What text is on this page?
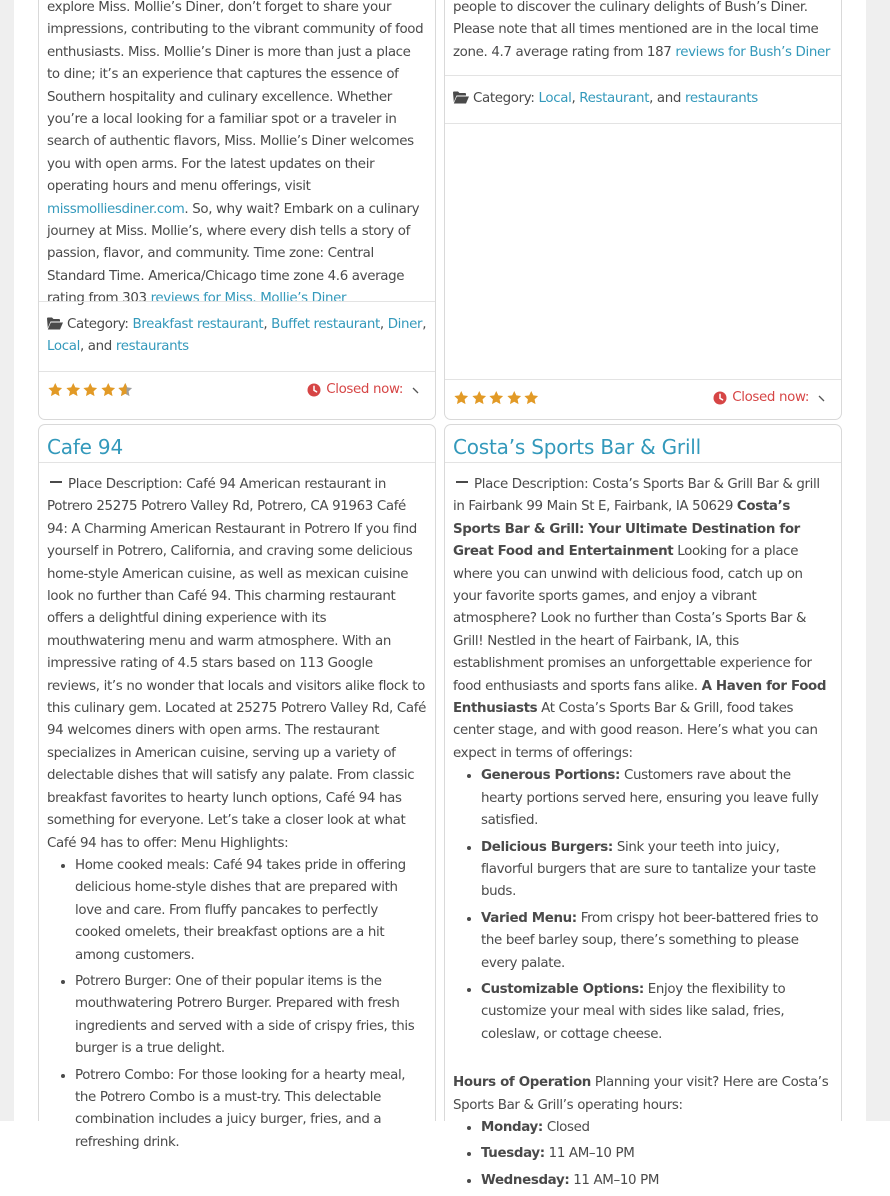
explore Miss. Mollie’s Diner, don’t forget to share your impressions, contributing to the vibrant community of food enthusiasts. Miss. Mollie’s Diner is more than just a place to dine; it’s an experience that captures the essence of Southern hospitality and culinary excellence. Whether you’re a local looking for a familiar spot or a traveler in search of authentic flavors, Miss. Mollie’s Diner welcomes you with open arms. For the latest updates on their operating hours and menu offerings, visit missmolliesdiner.com. So, why wait? Embark on a culinary journey at Miss. Mollie’s, where every dish tells a story of passion, flavor, and community. Time zone: Central Standard Time. America/Chicago time zone 4.6 average rating from 303 reviews for Miss. Mollie’s Diner

Category: Breakfast restaurant, Buffet restaurant, Diner, Local, and restaurants
Closed now:

people to discover the culinary delights of Bush’s Diner. Please note that all times mentioned are in the local time zone. 4.7 average rating from 187 reviews for Bush’s Diner

Category: Local, Restaurant, and restaurants
Closed now:
Cafe 94
Place Description: Café 94 American restaurant in Potrero 25275 Potrero Valley Rd, Potrero, CA 91963 Café 94: A Charming American Restaurant in Potrero If you find yourself in Potrero, California, and craving some delicious home-style American cuisine, as well as mexican cuisine look no further than Café 94. This charming restaurant offers a delightful dining experience with its mouthwatering menu and warm atmosphere. With an impressive rating of 4.5 stars based on 113 Google reviews, it’s no wonder that locals and visitors alike flock to this culinary gem. Located at 25275 Potrero Valley Rd, Café 94 welcomes diners with open arms. The restaurant specializes in American cuisine, serving up a variety of delectable dishes that will satisfy any palate. From classic breakfast favorites to hearty lunch options, Café 94 has something for everyone. Let’s take a closer look at what Café 94 has to offer: Menu Highlights:
• Home cooked meals: Café 94 takes pride in offering delicious home-style dishes that are prepared with love and care. From fluffy pancakes to perfectly cooked omelets, their breakfast options are a hit among customers.
• Potrero Burger: One of their popular items is the mouthwatering Potrero Burger. Prepared with fresh ingredients and served with a side of crispy fries, this burger is a true delight.
• Potrero Combo: For those looking for a hearty meal, the Potrero Combo is a must-try. This delectable combination includes a juicy burger, fries, and a refreshing drink.
Costa’s Sports Bar & Grill
Place Description: Costa’s Sports Bar & Grill Bar & grill in Fairbank 99 Main St E, Fairbank, IA 50629 Costa’s Sports Bar & Grill: Your Ultimate Destination for Great Food and Entertainment Looking for a place where you can unwind with delicious food, catch up on your favorite sports games, and enjoy a vibrant atmosphere? Look no further than Costa’s Sports Bar & Grill! Nestled in the heart of Fairbank, IA, this establishment promises an unforgettable experience for food enthusiasts and sports fans alike. A Haven for Food Enthusiasts At Costa’s Sports Bar & Grill, food takes center stage, and with good reason. Here’s what you can expect in terms of offerings:
• Generous Portions: Customers rave about the hearty portions served here, ensuring you leave fully satisfied.
• Delicious Burgers: Sink your teeth into juicy, flavorful burgers that are sure to tantalize your taste buds.
• Varied Menu: From crispy hot beer-battered fries to the beef barley soup, there’s something to please every palate.
• Customizable Options: Enjoy the flexibility to customize your meal with sides like salad, fries, coleslaw, or cottage cheese.
Hours of Operation Planning your visit? Here are Costa’s Sports Bar & Grill’s operating hours:
• Monday: Closed
• Tuesday: 11 AM–10 PM
• Wednesday: 11 AM–10 PM
